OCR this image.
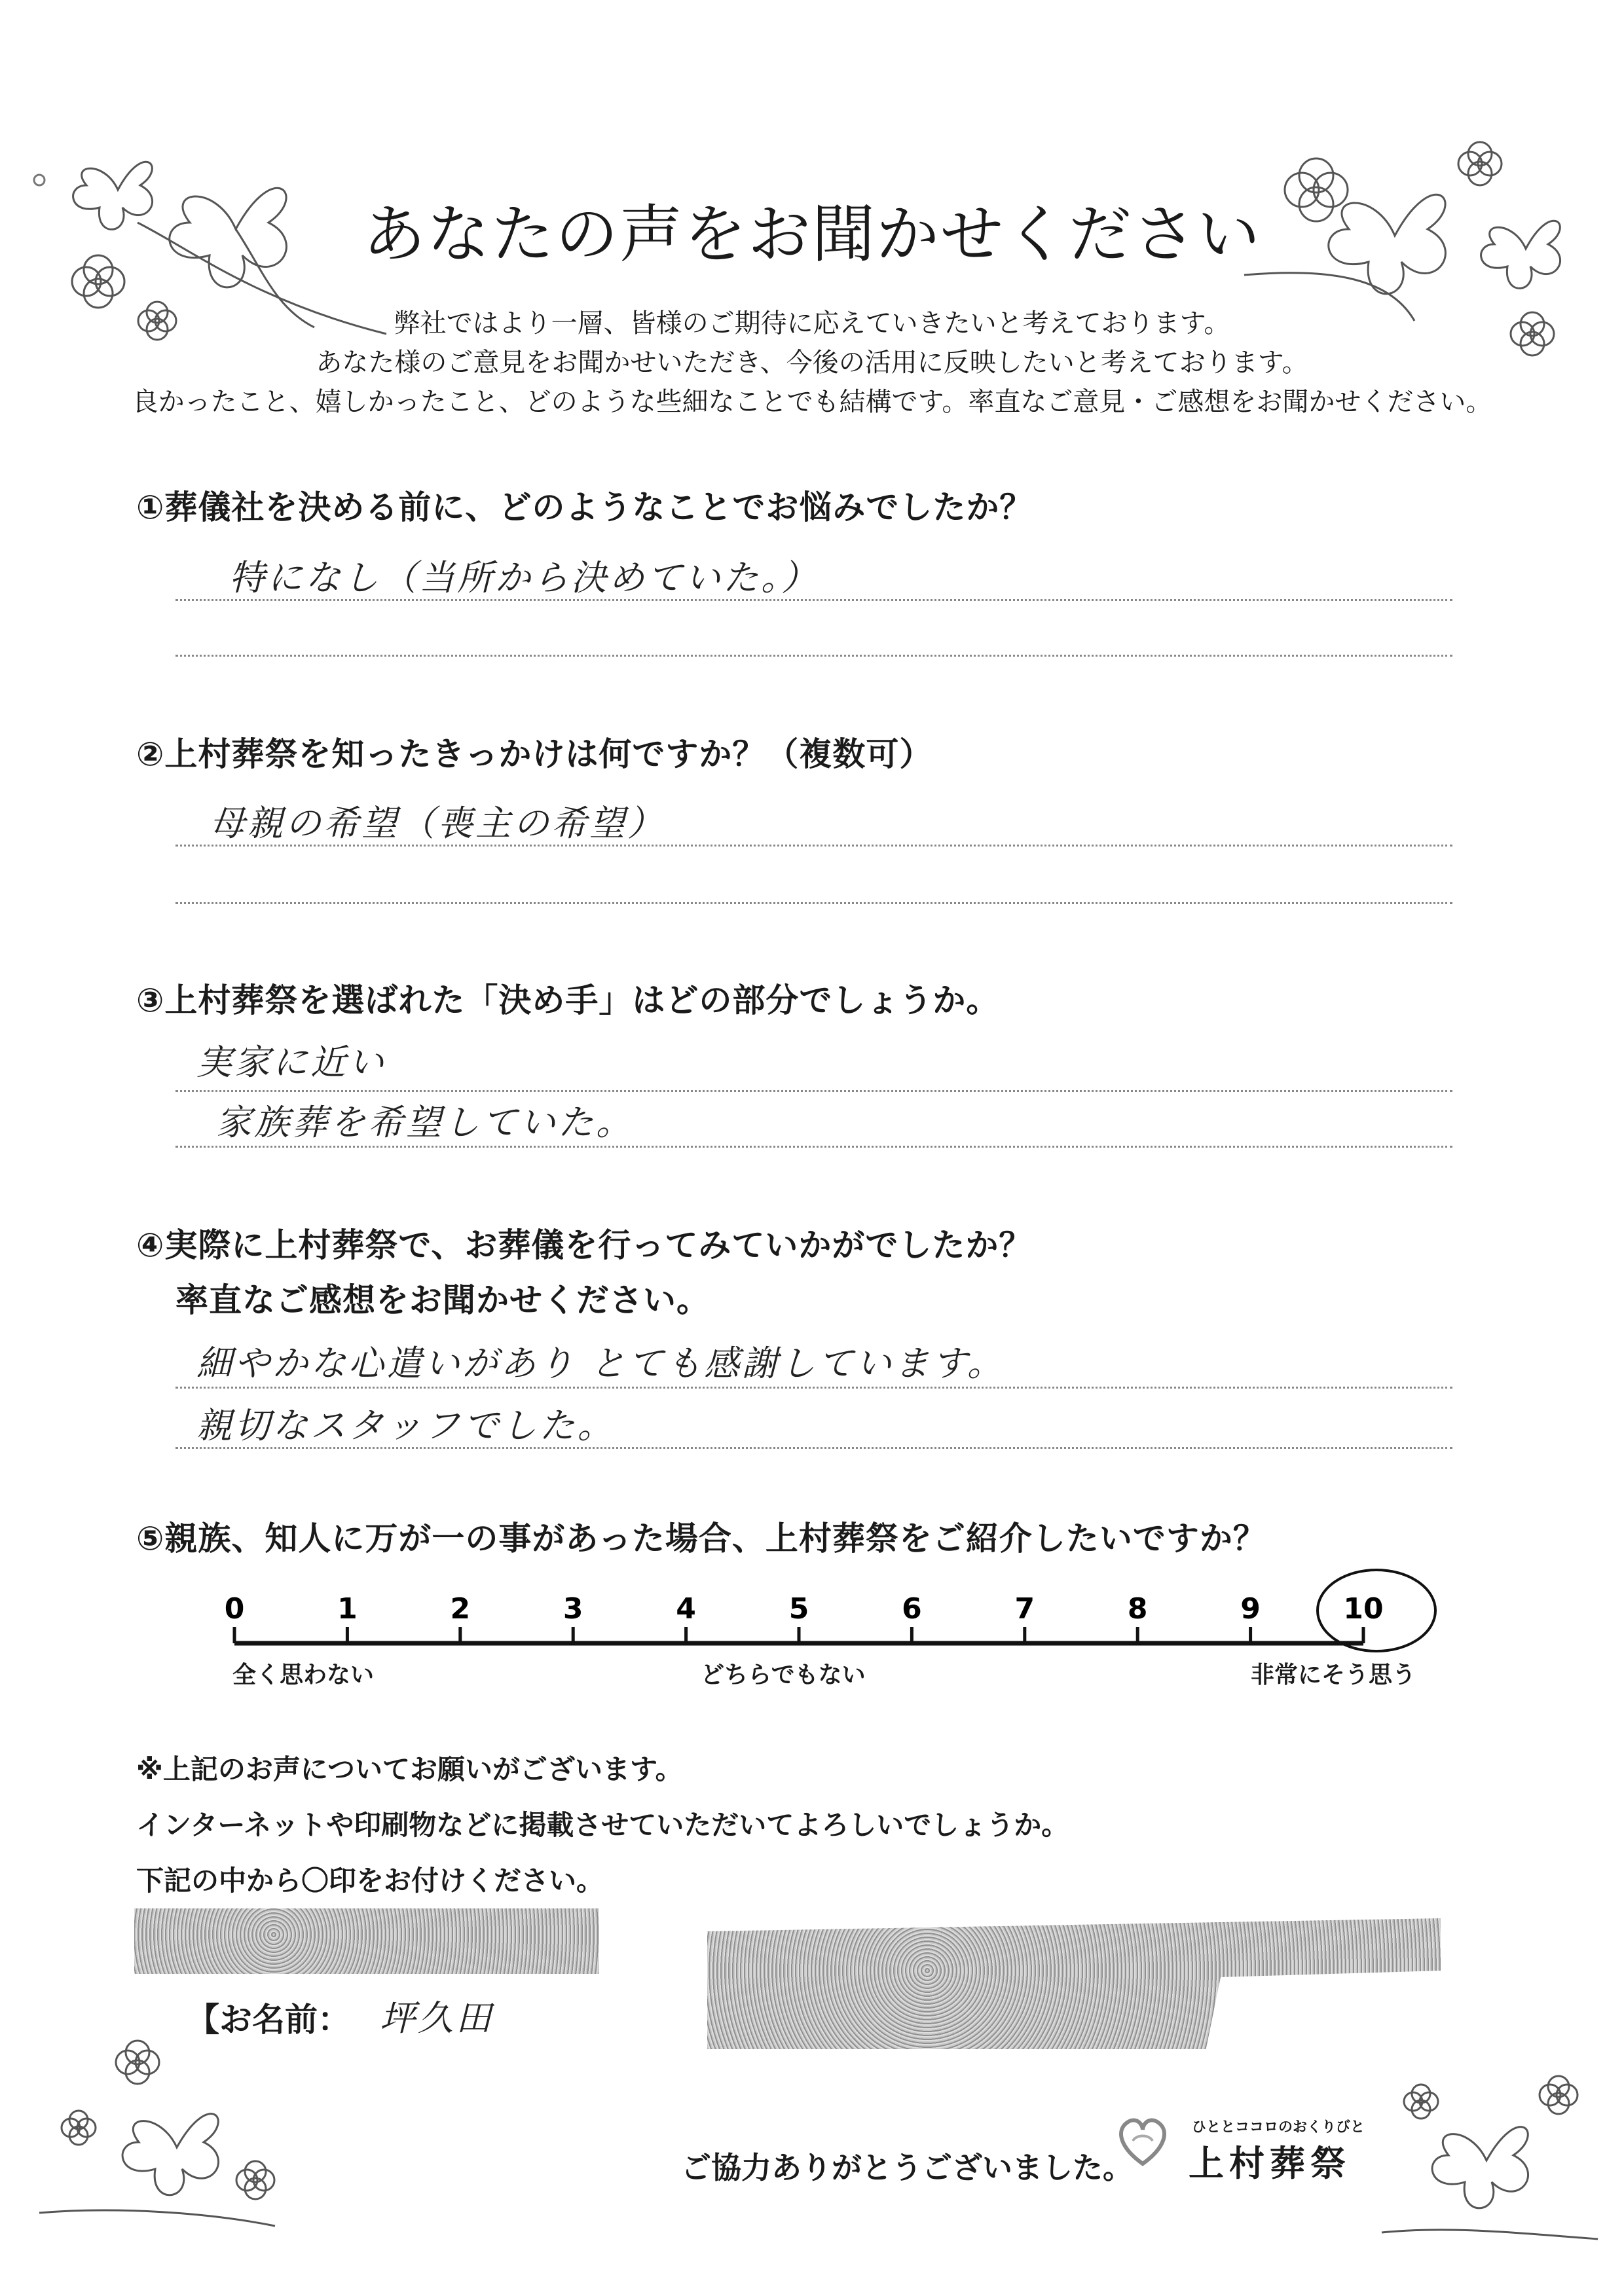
あなたの声をお聞かせください
弊社ではより一層、皆様のご期待に応えていきたいと考えております。
あなた様のご意見をお聞かせいただき、今後の活用に反映したいと考えております。
良かったこと、嬉しかったこと、どのような些細なことでも結構です。率直なご意見・ご感想をお聞かせください。
①葬儀社を決める前に、どのようなことでお悩みでしたか？
特になし（当所から決めていた。）
②上村葬祭を知ったきっかけは何ですか？（複数可）
母親の希望（喪主の希望）
③上村葬祭を選ばれた「決め手」はどの部分でしょうか。
実家に近い
家族葬を希望していた。
④実際に上村葬祭で、お葬儀を行ってみていかがでしたか？
率直なご感想をお聞かせください。
細やかな心遣いがあり とても感謝しています。
親切なスタッフでした。
⑤親族、知人に万が一の事があった場合、上村葬祭をご紹介したいですか？
0	1	2	3	4	5	6	7	8	9	10
全く思わない	どちらでもない	非常にそう思う
※上記のお声についてお願いがございます。
インターネットや印刷物などに掲載させていただいてよろしいでしょうか。
下記の中から〇印をお付けください。
【お名前： 坪久田
ご協力ありがとうございました。
ひととココロのおくりびと
上村葬祭
